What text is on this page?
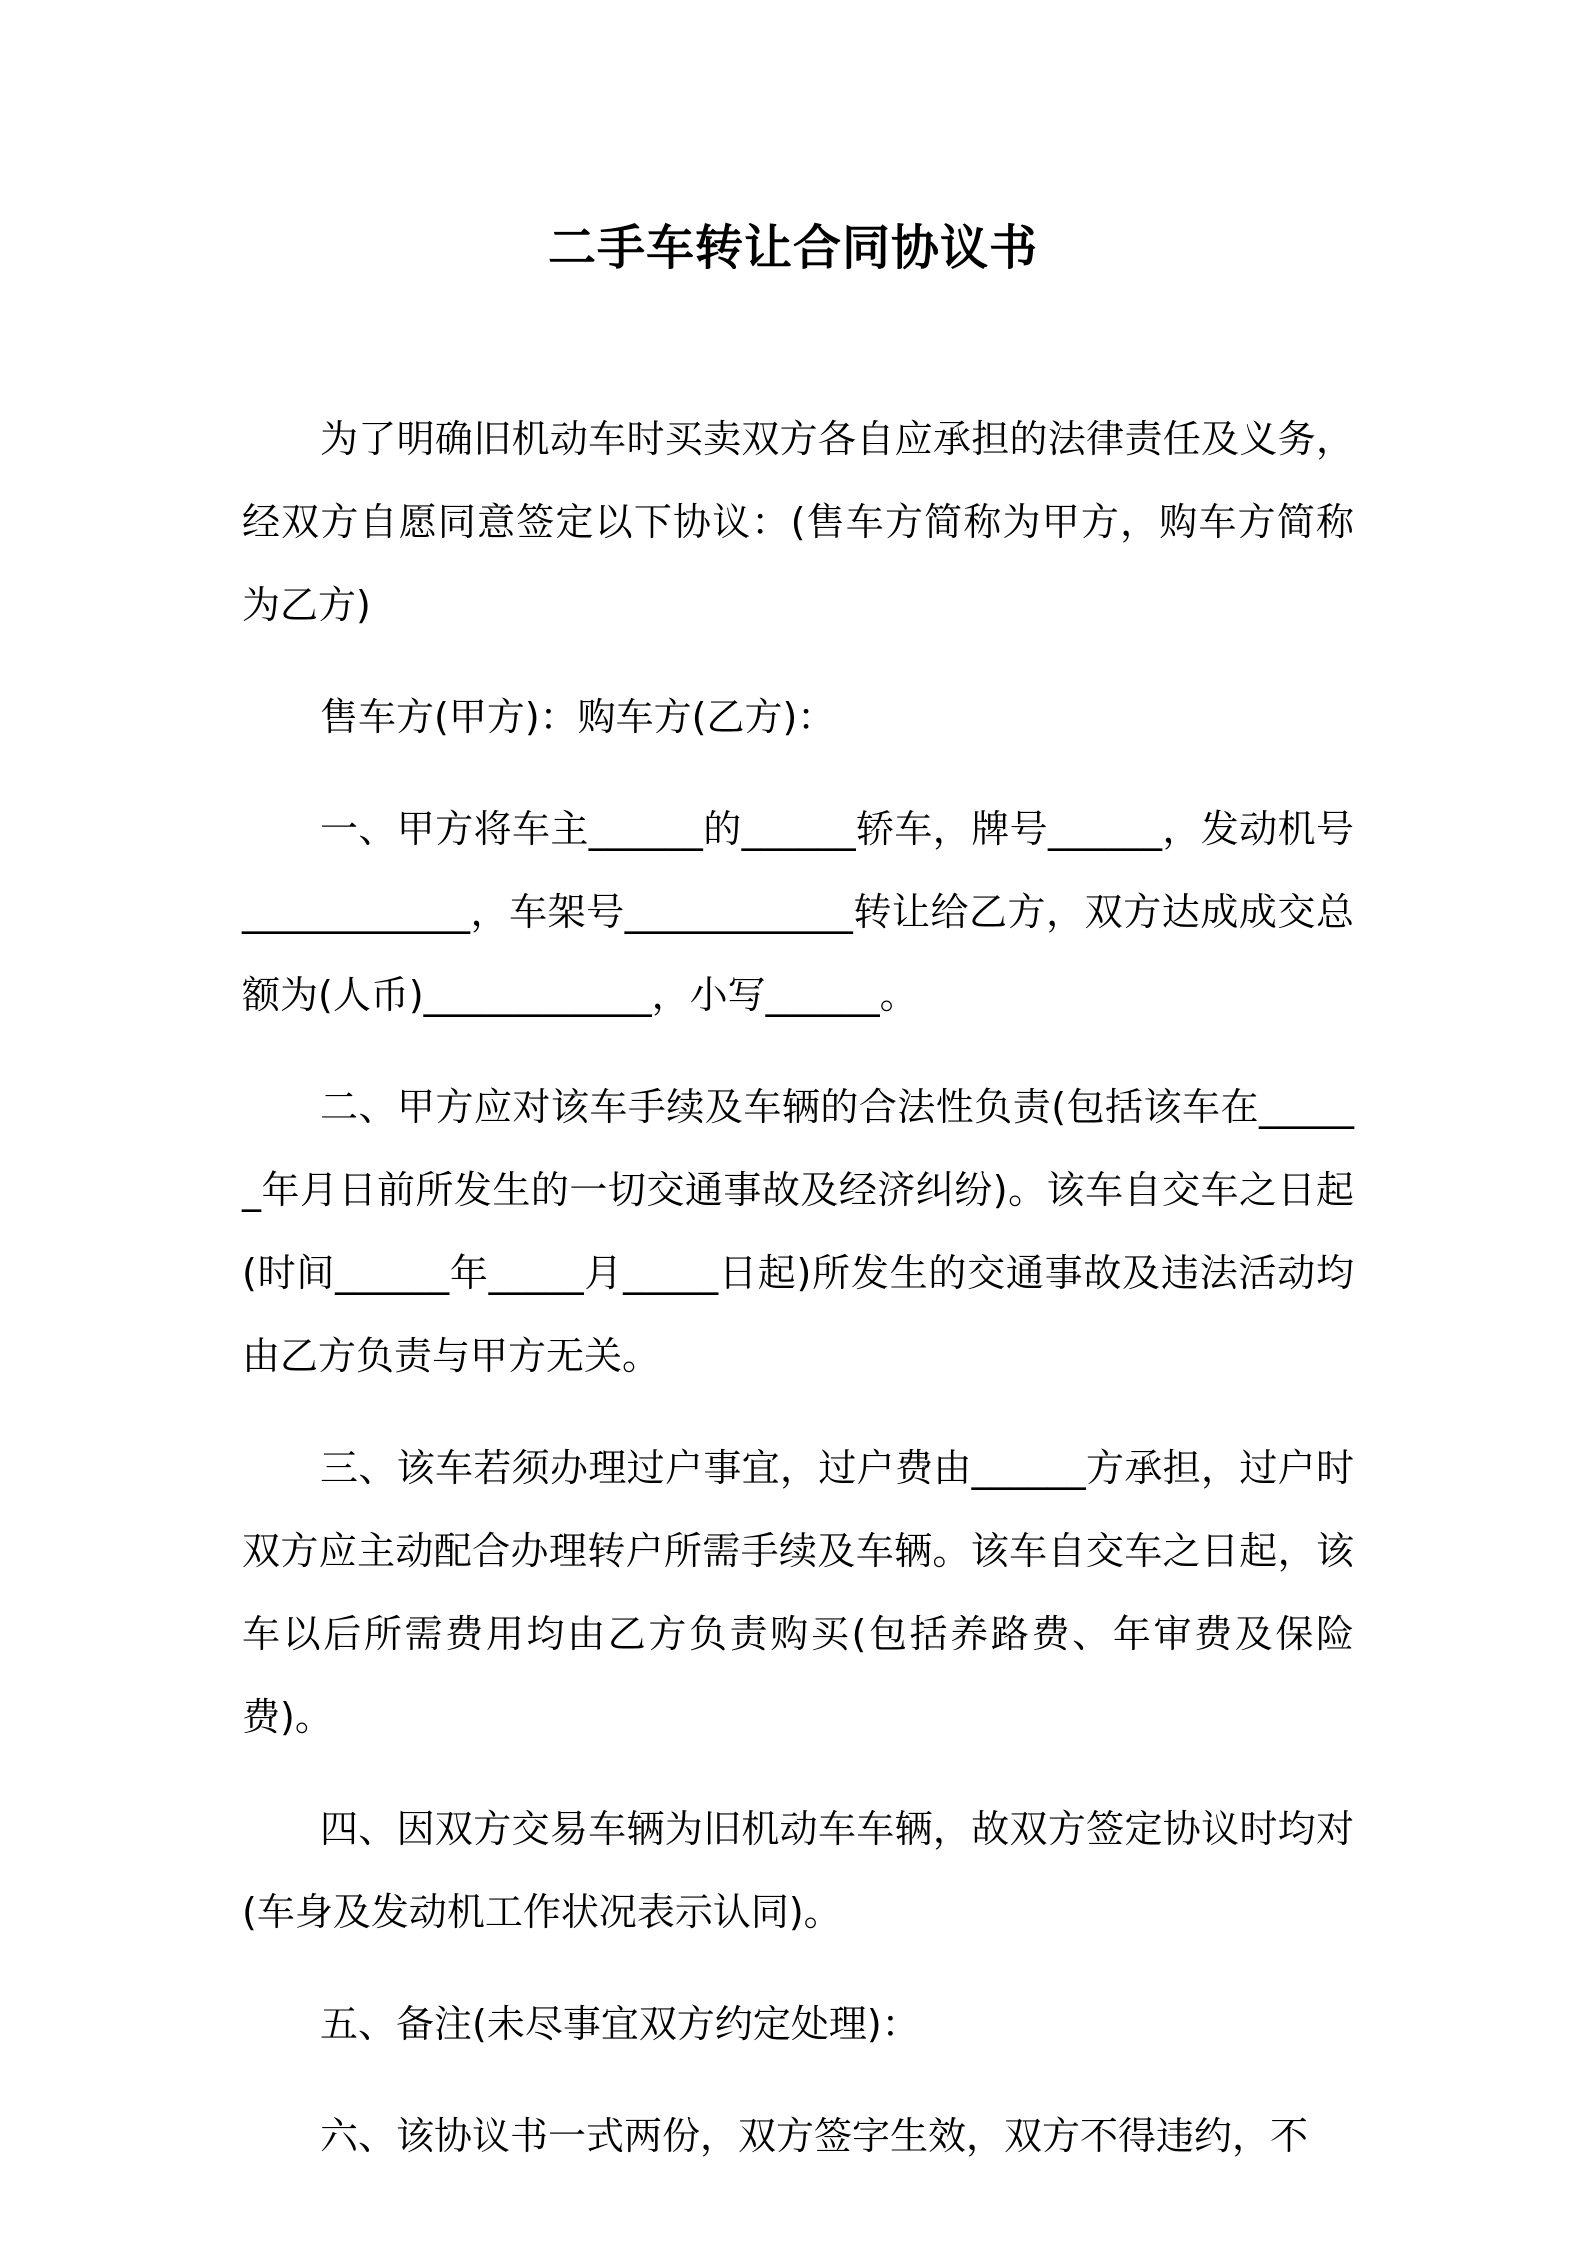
二手车转让合同协议书

为了明确旧机动车时买卖双方各自应承担的法律责任及义务，经双方自愿同意签定以下协议：(售车方简称为甲方，购车方简称为乙方)

售车方(甲方)：购车方(乙方)：

一、甲方将车主______的______轿车，牌号______，发动机号____________，车架号____________转让给乙方，双方达成成交总额为(人币)____________，小写______。

二、甲方应对该车手续及车辆的合法性负责(包括该车在______年月日前所发生的一切交通事故及经济纠纷)。该车自交车之日起(时间______年_____月_____日起)所发生的交通事故及违法活动均由乙方负责与甲方无关。

三、该车若须办理过户事宜，过户费由______方承担，过户时双方应主动配合办理转户所需手续及车辆。该车自交车之日起，该车以后所需费用均由乙方负责购买(包括养路费、年审费及保险费)。

四、因双方交易车辆为旧机动车车辆，故双方签定协议时均对(车身及发动机工作状况表示认同)。

五、备注(未尽事宜双方约定处理)：

六、该协议书一式两份，双方签字生效，双方不得违约，不
